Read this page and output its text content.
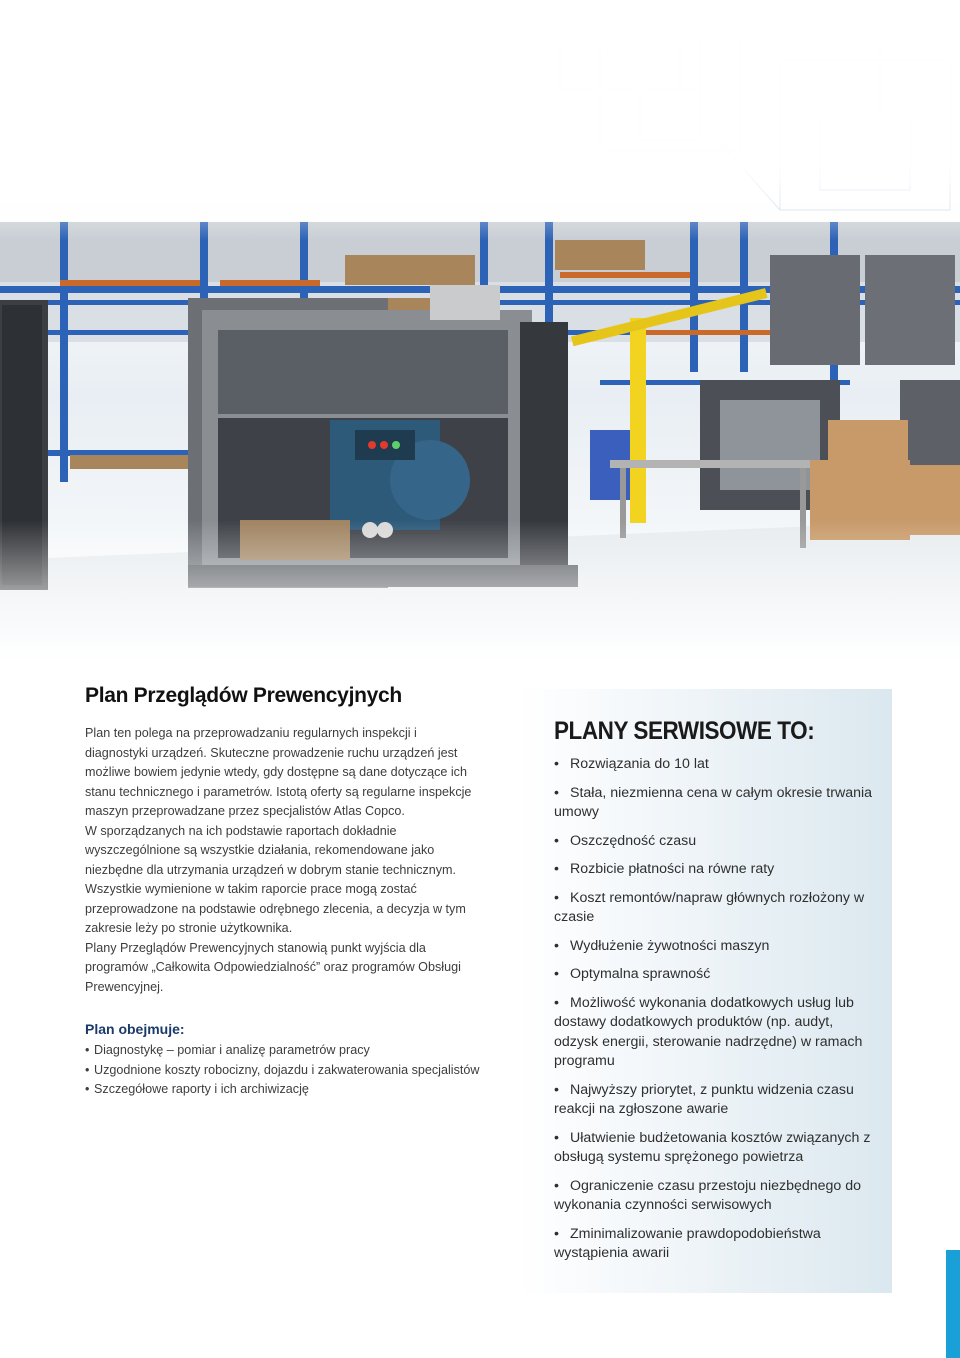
Plan Przeglądów Prewencyjnych

Plan ten polega na przeprowadzaniu regularnych inspekcji i diagnostyki urządzeń. Skuteczne prowadzenie ruchu urządzeń jest możliwe bowiem jedynie wtedy, gdy dostępne są dane dotyczące ich stanu technicznego i parametrów. Istotą oferty są regularne inspekcje maszyn przeprowadzane przez specjalistów Atlas Copco.

W sporządzanych na ich podstawie raportach dokładnie wyszczególnione są wszystkie działania, rekomendowane jako niezbędne dla utrzymania urządzeń w dobrym stanie technicznym.

Wszystkie wymienione w takim raporcie prace mogą zostać przeprowadzone na podstawie odrębnego zlecenia, a decyzja w tym zakresie leży po stronie użytkownika.

Plany Przeglądów Prewencyjnych stanowią punkt wyjścia dla programów „Całkowita Odpowiedzialność” oraz programów Obsługi Prewencyjnej.

Plan obejmuje:
• Diagnostykę – pomiar i analizę parametrów pracy
• Uzgodnione koszty robocizny, dojazdu i zakwaterowania specjalistów
• Szczegółowe raporty i ich archiwizację
PLANY SERWISOWE TO:
• Rozwiązania do 10 lat
• Stała, niezmienna cena w całym okresie trwania umowy
• Oszczędność czasu
• Rozbicie płatności na równe raty
• Koszt remontów/napraw głównych rozłożony w czasie
• Wydłużenie żywotności maszyn
• Optymalna sprawność
• Możliwość wykonania dodatkowych usług lub dostawy dodatkowych produktów (np. audyt, odzysk energii, sterowanie nadrzędne) w ramach programu
• Najwyższy priorytet, z punktu widzenia czasu reakcji na zgłoszone awarie
• Ułatwienie budżetowania kosztów związanych z obsługą systemu sprężonego powietrza
• Ograniczenie czasu przestoju niezbędnego do wykonania czynności serwisowych
• Zminimalizowanie prawdopodobieństwa wystąpienia awarii
